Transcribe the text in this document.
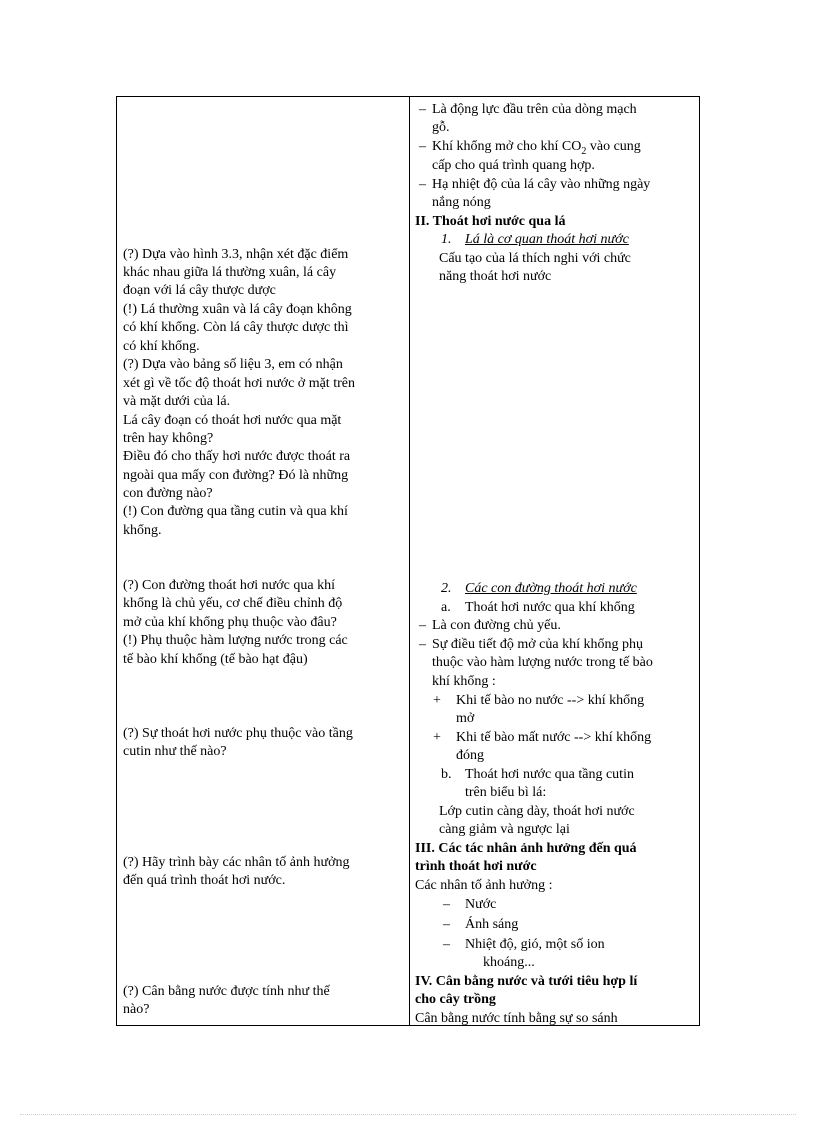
(?) Dựa vào hình 3.3, nhận xét đặc điểm
khác nhau giữa lá thường xuân, lá cây
đoạn với lá cây thược dược
(!) Lá thường xuân và lá cây đoạn không
có khí khổng. Còn lá cây thược dược thì
có khí khổng.
(?) Dựa vào bảng số liệu 3, em có nhận
xét gì về tốc độ thoát hơi nước ở mặt trên
và mặt dưới của lá.
Lá cây đoạn có thoát hơi nước qua mặt
trên hay không?
Điều đó cho thấy hơi nước được thoát ra
ngoài qua mấy con đường? Đó là những
con đường nào?
(!) Con đường qua tầng cutin và qua khí
khổng.
(?) Con đường thoát hơi nước qua khí
khổng là chủ yếu, cơ chế điều chỉnh độ
mở của khí khổng phụ thuộc vào đâu?
(!) Phụ thuộc hàm lượng nước trong các
tế bào khí khổng (tế bào hạt đậu)
(?) Sự thoát hơi nước phụ thuộc vào tầng
cutin như thế nào?
(?) Hãy trình bày các nhân tố ảnh hưởng
đến quá trình thoát hơi nước.
(?) Cân bằng nước được tính như thế
nào?
– Là động lực đầu trên của dòng mạch
gỗ.
– Khí khổng mở cho khí $CO_2$ vào cung
cấp cho quá trình quang hợp.
– Hạ nhiệt độ của lá cây vào những ngày
nắng nóng
II. Thoát hơi nước qua lá
1. Lá là cơ quan thoát hơi nước
Cấu tạo của lá thích nghi với chức
năng thoát hơi nước
2. Các con đường thoát hơi nước
a. Thoát hơi nước qua khí khổng
– Là con đường chủ yếu.
– Sự điều tiết độ mở của khí khổng phụ
thuộc vào hàm lượng nước trong tế bào
khí khổng :
+ Khi tế bào no nước --> khí khổng
mở
+ Khi tế bào mất nước --> khí khổng
đóng
b. Thoát hơi nước qua tầng cutin
trên biểu bì lá:
Lớp cutin càng dày, thoát hơi nước
càng giảm và ngược lại
III. Các tác nhân ảnh hưởng đến quá
trình thoát hơi nước
Các nhân tố ảnh hưởng :
– Nước
– Ánh sáng
– Nhiệt độ, gió, một số ion
khoáng...
IV. Cân bằng nước và tưới tiêu hợp lí
cho cây trồng
Cân bằng nước tính bằng sự so sánh
